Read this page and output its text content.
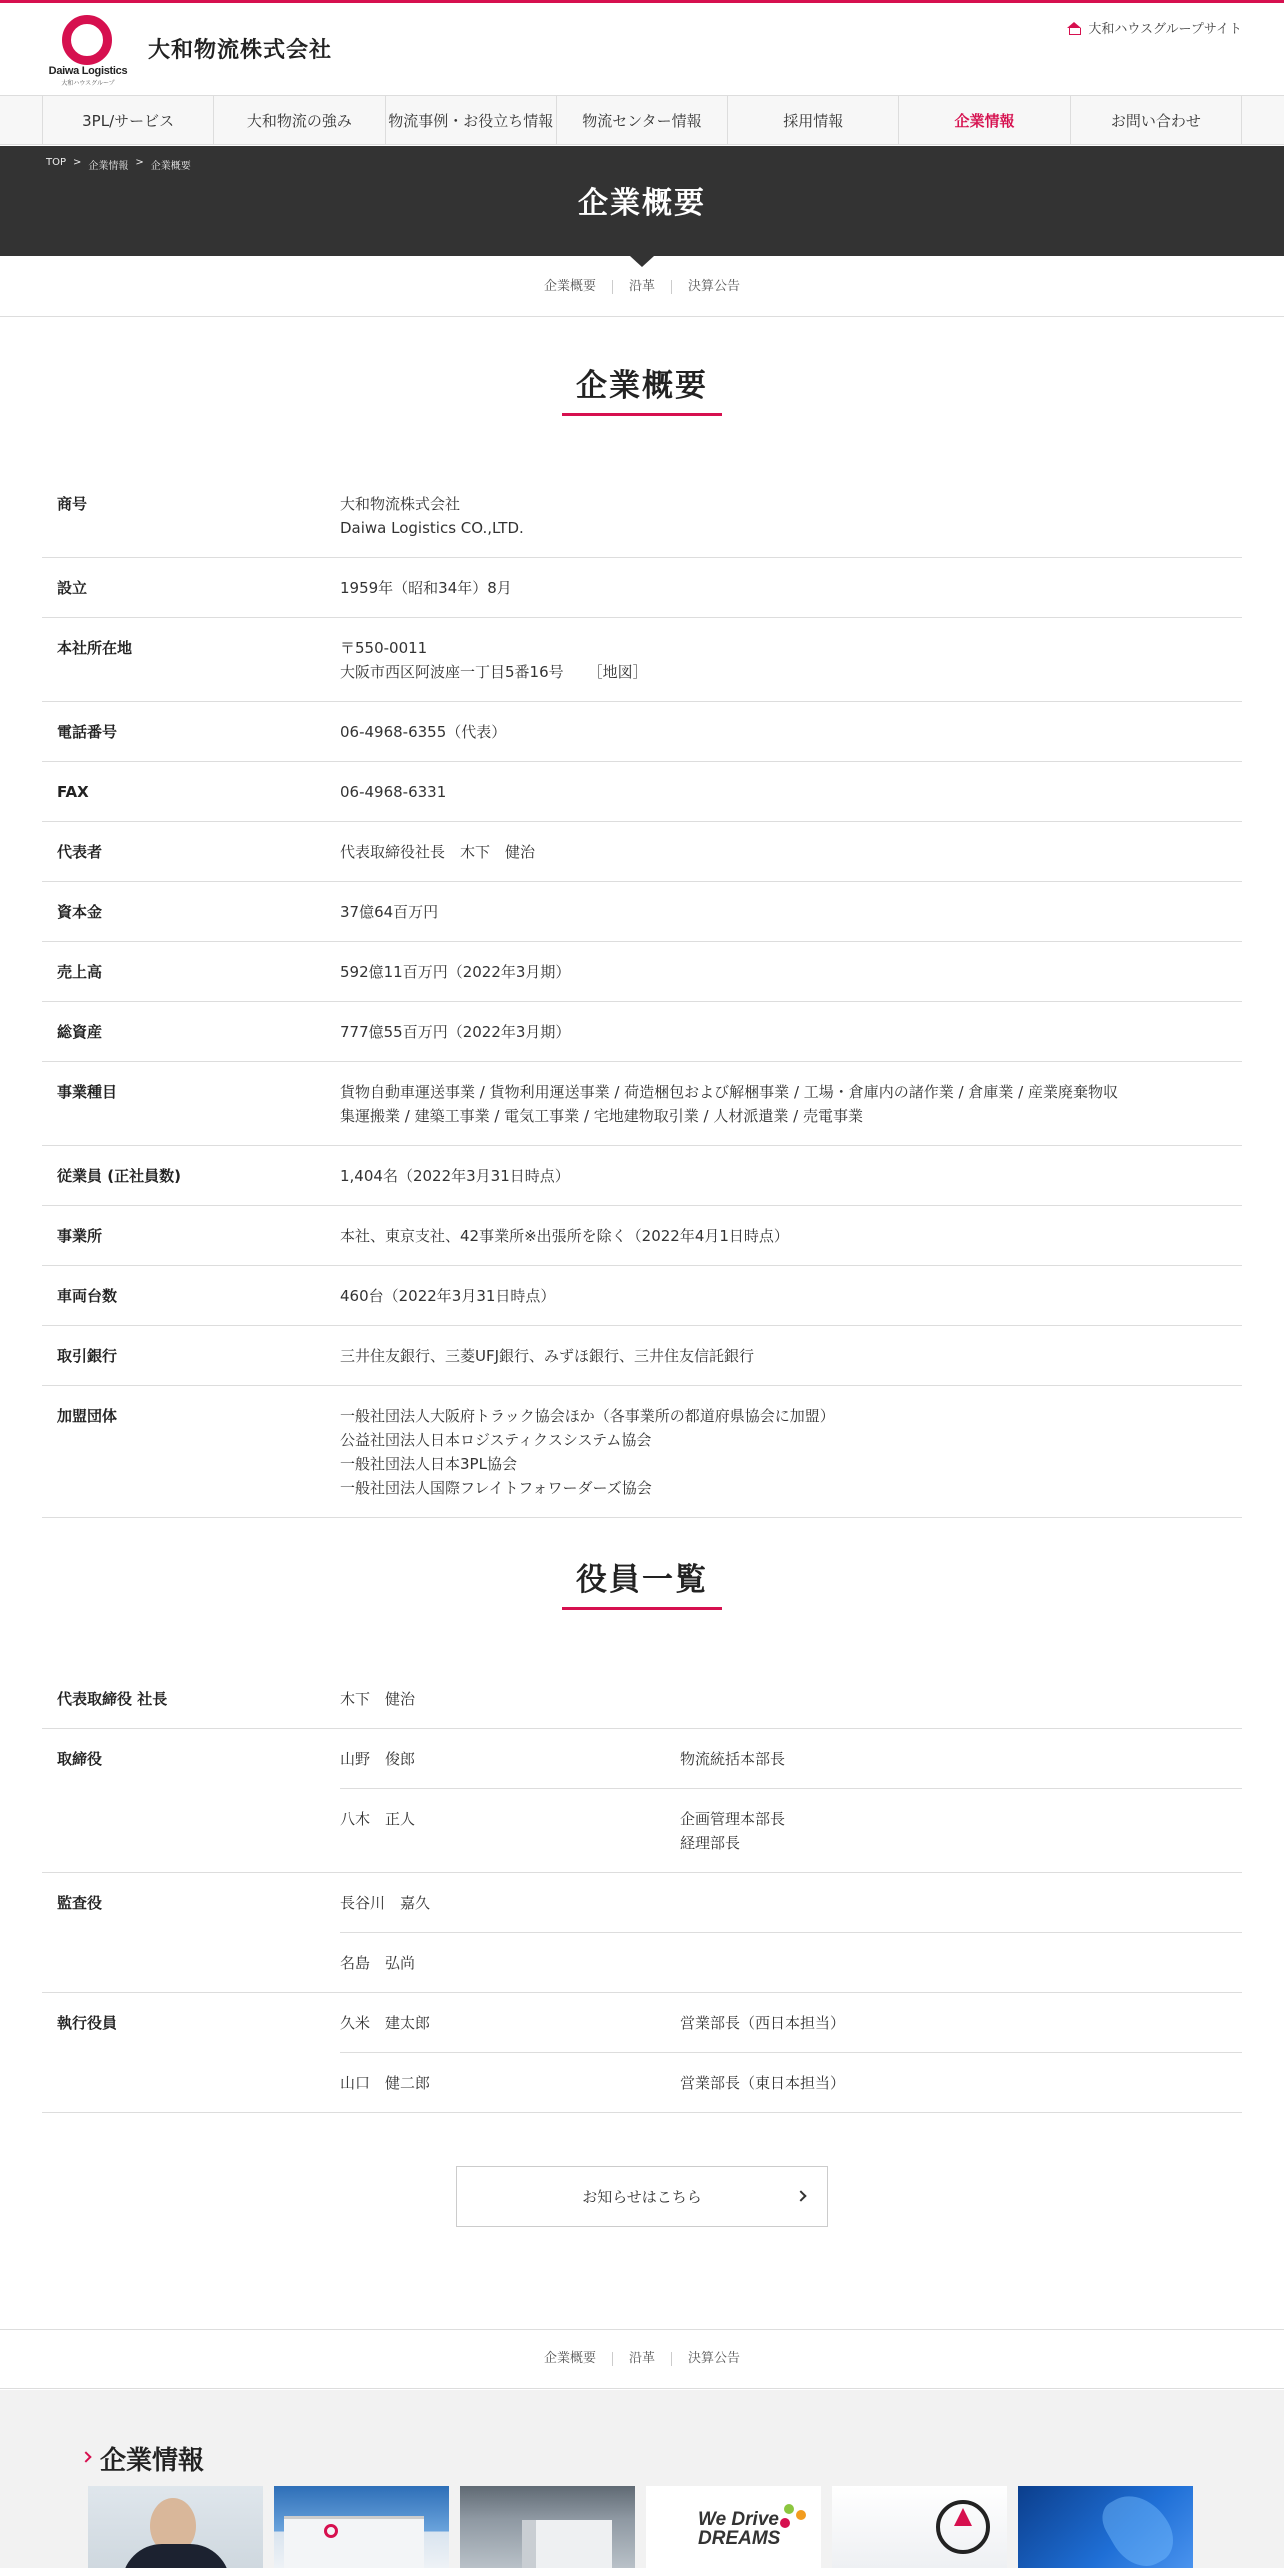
Daiwa Logistics
大和ハウスグループ
大和物流株式会社
大和ハウスグループサイト
3PL/サービス	大和物流の強み	物流事例・お役立ち情報	物流センター情報	採用情報	企業情報	お問い合わせ
TOP > 企業情報 > 企業概要
企業概要
企業概要	沿革	決算公告
企業概要
商号	大和物流株式会社
Daiwa Logistics CO.,LTD.
設立	1959年（昭和34年）8月
本社所在地	〒550-0011
大阪市西区阿波座一丁目5番16号 ［地図］
電話番号	06-4968-6355（代表）
FAX	06-4968-6331
代表者	代表取締役社長　木下　健治
資本金	37億64百万円
売上高	592億11百万円（2022年3月期）
総資産	777億55百万円（2022年3月期）
事業種目	貨物自動車運送事業 / 貨物利用運送事業 / 荷造梱包および解梱事業 / 工場・倉庫内の諸作業 / 倉庫業 / 産業廃棄物収
集運搬業 / 建築工事業 / 電気工事業 / 宅地建物取引業 / 人材派遣業 / 売電事業
従業員 (正社員数)	1,404名（2022年3月31日時点）
事業所	本社、東京支社、42事業所※出張所を除く（2022年4月1日時点）
車両台数	460台（2022年3月31日時点）
取引銀行	三井住友銀行、三菱UFJ銀行、みずほ銀行、三井住友信託銀行
加盟団体	一般社団法人大阪府トラック協会ほか（各事業所の都道府県協会に加盟）
公益社団法人日本ロジスティクスシステム協会
一般社団法人日本3PL協会
一般社団法人国際フレイトフォワーダーズ協会
役員一覧
代表取締役 社長	木下　健治
取締役	山野　俊郎	物流統括本部長
八木　正人	企画管理本部長
経理部長
監査役	長谷川　嘉久
名島　弘尚
執行役員	久米　建太郎	営業部長（西日本担当）
山口　健二郎	営業部長（東日本担当）
お知らせはこちら
企業概要	沿革	決算公告
企業情報
We Drive DREAMS
